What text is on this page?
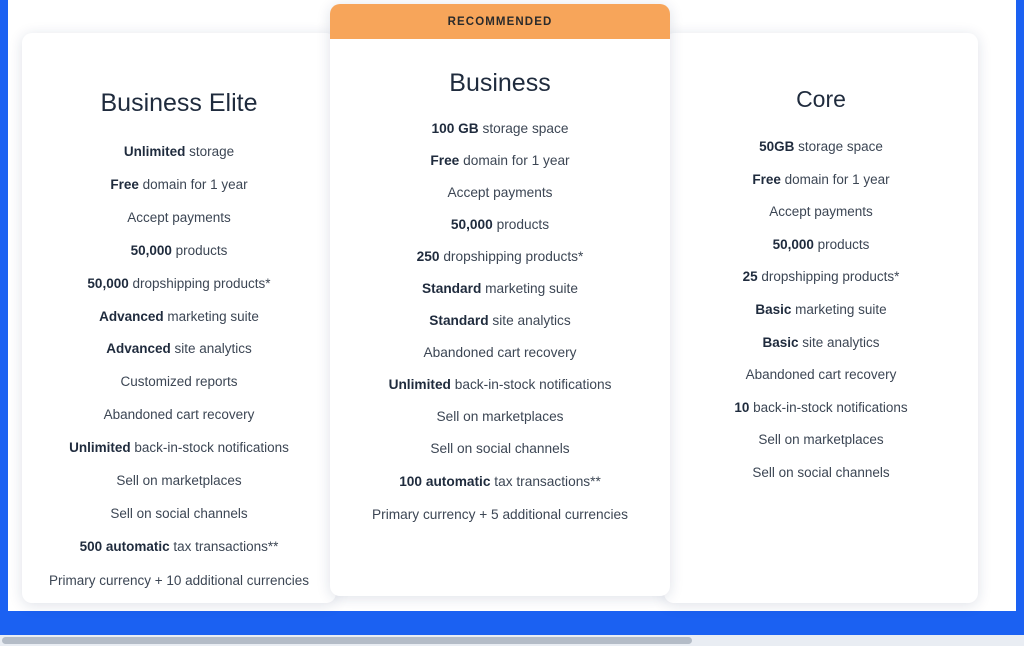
Business Elite
Unlimited storage
Free domain for 1 year
Accept payments
50,000 products
50,000 dropshipping products*
Advanced marketing suite
Advanced site analytics
Customized reports
Abandoned cart recovery
Unlimited back-in-stock notifications
Sell on marketplaces
Sell on social channels
500 automatic tax transactions**
Primary currency + 10 additional currencies
RECOMMENDED
Business
100 GB storage space
Free domain for 1 year
Accept payments
50,000 products
250 dropshipping products*
Standard marketing suite
Standard site analytics
Abandoned cart recovery
Unlimited back-in-stock notifications
Sell on marketplaces
Sell on social channels
100 automatic tax transactions**
Primary currency + 5 additional currencies
Core
50GB storage space
Free domain for 1 year
Accept payments
50,000 products
25 dropshipping products*
Basic marketing suite
Basic site analytics
Abandoned cart recovery
10 back-in-stock notifications
Sell on marketplaces
Sell on social channels
